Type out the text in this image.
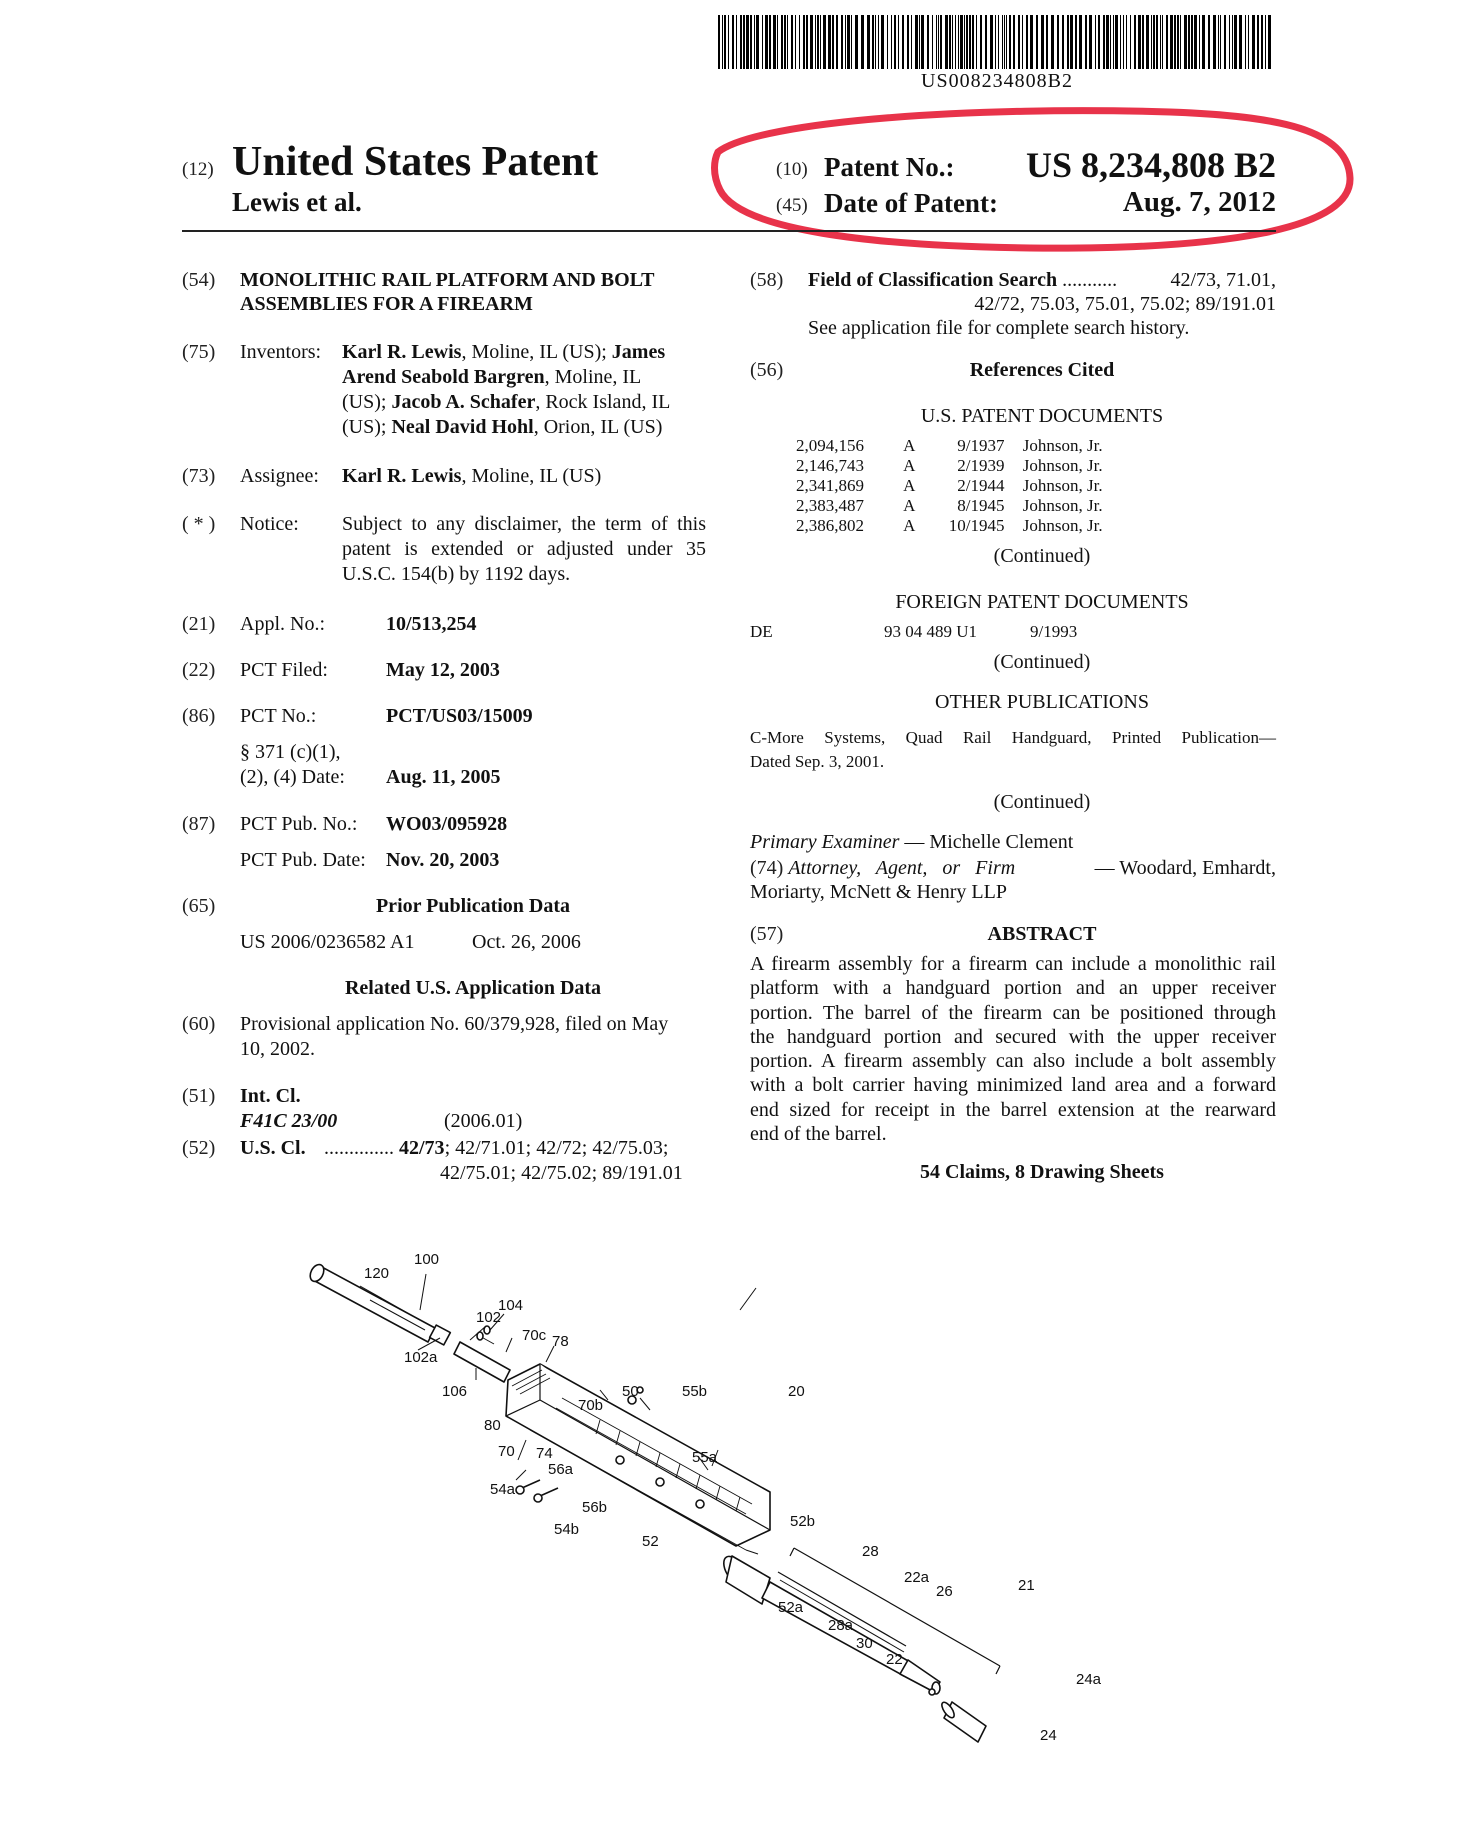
US008234808B2
(12) United States Patent
Lewis et al.
(10) Patent No.: US 8,234,808 B2
(45) Date of Patent:	Aug. 7, 2012
(54) MONOLITHIC RAIL PLATFORM AND BOLT
ASSEMBLIES FOR A FIREARM
(75) Inventors: Karl R. Lewis, Moline, IL (US); James
Arend Seabold Bargren, Moline, IL
(US); Jacob A. Schafer, Rock Island, IL
(US); Neal David Hohl, Orion, IL (US)
(73) Assignee: Karl R. Lewis, Moline, IL (US)
( * ) Notice: Subject to any disclaimer, the term of this
patent is extended or adjusted under 35
U.S.C. 154(b) by 1192 days.
(21) Appl. No.:	10/513,254
(22) PCT Filed:	May 12, 2003
(86) PCT No.:	PCT/US03/15009
§ 371 (c)(1),
(2), (4) Date: Aug. 11, 2005
(87) PCT Pub. No.: WO03/095928
PCT Pub. Date: Nov. 20, 2003
(65)	Prior Publication Data
US 2006/0236582 A1	Oct. 26, 2006
Related U.S. Application Data
(60) Provisional application No. 60/379,928, filed on May
10, 2002.
(51) Int. Cl.
F41C 23/00	(2006.01)
(52) U.S. Cl. .............. 42/73; 42/71.01; 42/72; 42/75.03;
42/75.01; 42/75.02; 89/191.01
(58) Field of Classification Search ...........	42/73, 71.01,
42/72, 75.03, 75.01, 75.02; 89/191.01
See application file for complete search history.
(56)	References Cited
U.S. PATENT DOCUMENTS
2,094,156 A 9/1937 Johnson, Jr.
2,146,743 A 2/1939 Johnson, Jr.
2,341,869 A 2/1944 Johnson, Jr.
2,383,487 A 8/1945 Johnson, Jr.
2,386,802 A 10/1945 Johnson, Jr.
(Continued)
FOREIGN PATENT DOCUMENTS
DE	93 04 489 U1	9/1993
(Continued)
OTHER PUBLICATIONS
C-More Systems, Quad Rail Handguard, Printed Publication—
Dated Sep. 3, 2001.
(Continued)
Primary Examiner — Michelle Clement
(74) Attorney, Agent, or Firm	— Woodard, Emhardt,
Moriarty, McNett & Henry LLP
(57)	ABSTRACT
A firearm assembly for a firearm can include a monolithic rail
platform with a handguard portion and an upper receiver
portion. The barrel of the firearm can be positioned through
the handguard portion and secured with the upper receiver
portion. A firearm assembly can also include a bolt assembly
with a bolt carrier having minimized land area and a forward
end sized for receipt in the barrel extension at the rearward
end of the barrel.
54 Claims, 8 Drawing Sheets
100
120
102
104
102a
70c 78
106	50	55b	20
70b
80
70 74	55a
56a
54a
56b
54b
52
52b
28
22a
26	21
52a
28a
30
22
24a
24
